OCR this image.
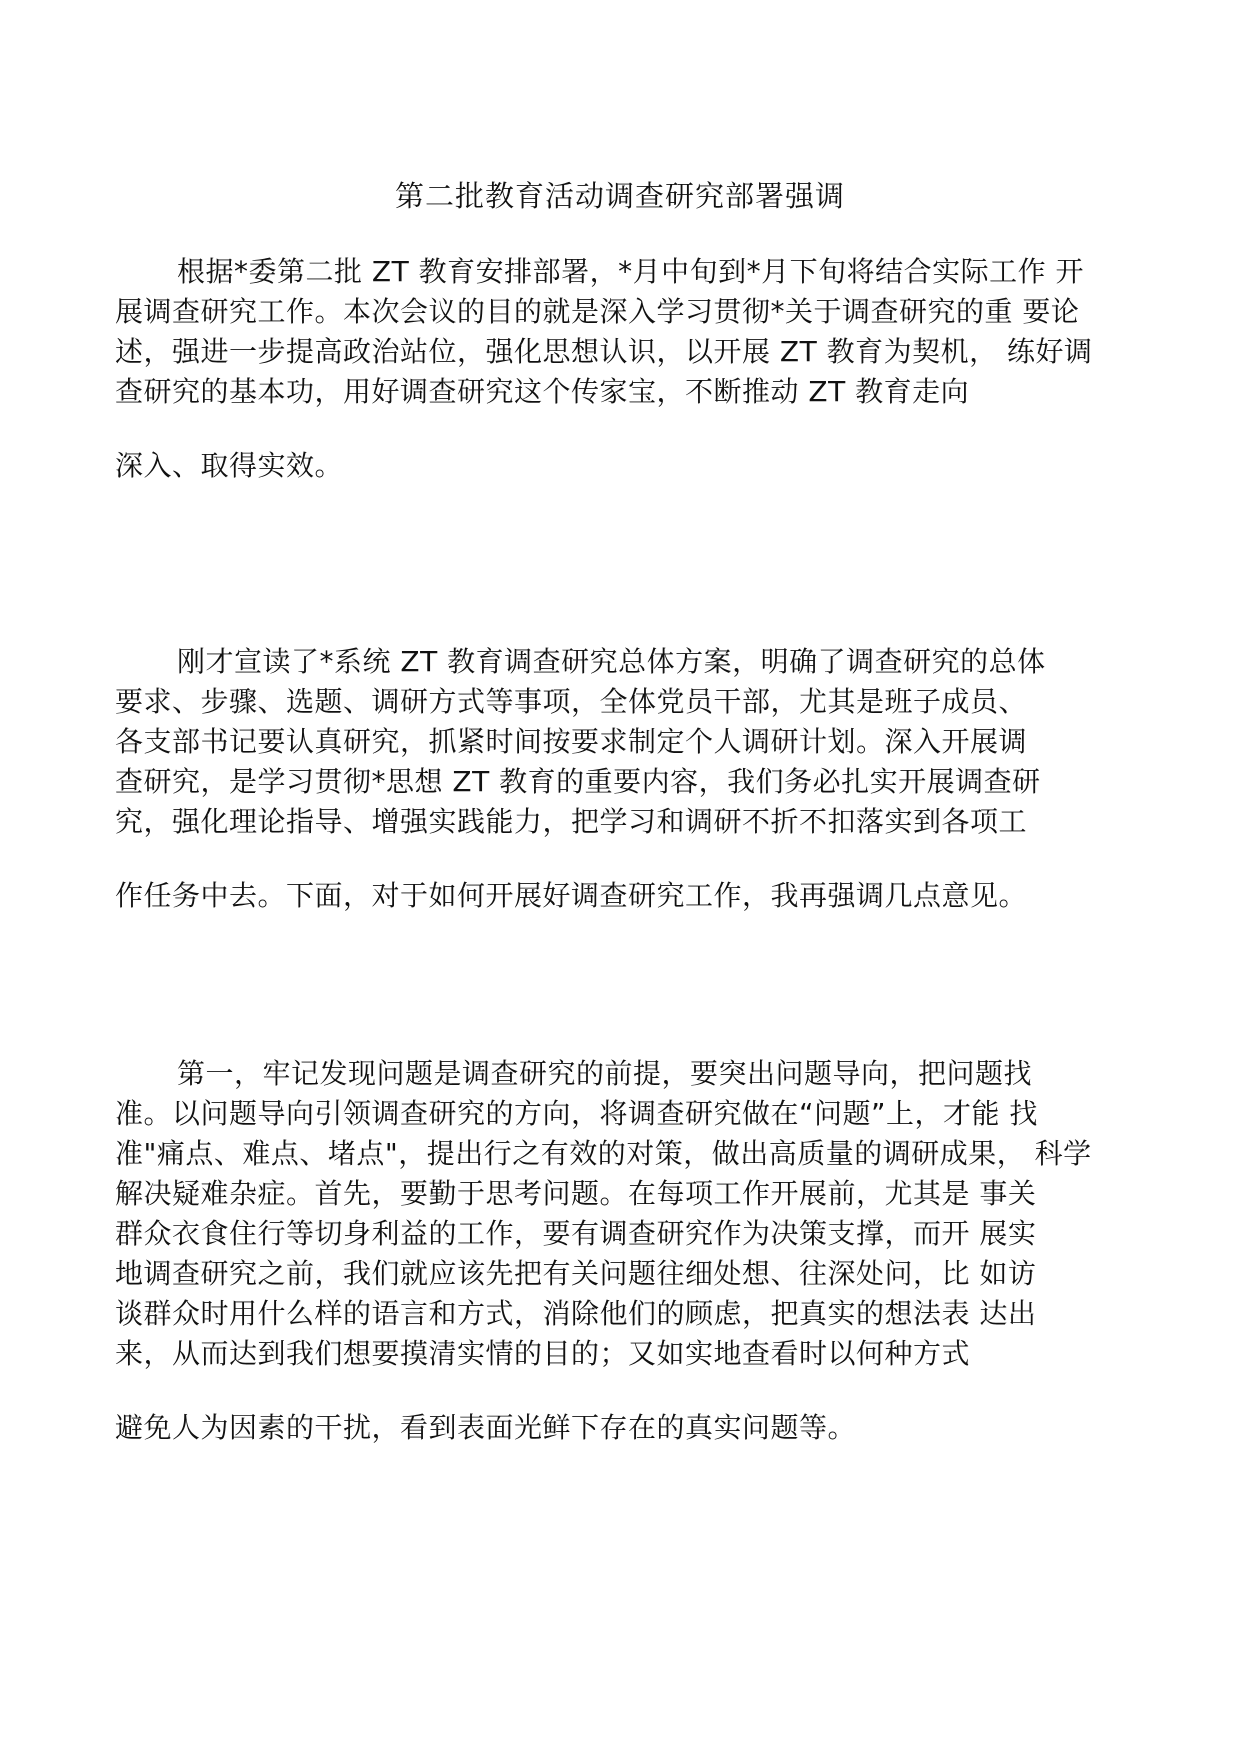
第二批教育活动调查研究部署强调
根据*委第二批 ZT 教育安排部署，*月中旬到*月下旬将结合实际工作 开
展调查研究工作。本次会议的目的就是深入学习贯彻*关于调查研究的重 要论
述，强进一步提高政治站位，强化思想认识，以开展 ZT 教育为契机， 练好调
查研究的基本功，用好调查研究这个传家宝，不断推动 ZT 教育走向
深入、取得实效。
刚才宣读了*系统 ZT 教育调查研究总体方案，明确了调查研究的总体
要求、步骤、选题、调研方式等事项，全体党员干部，尤其是班子成员、
各支部书记要认真研究，抓紧时间按要求制定个人调研计划。深入开展调
查研究，是学习贯彻*思想 ZT 教育的重要内容，我们务必扎实开展调查研
究，强化理论指导、增强实践能力，把学习和调研不折不扣落实到各项工
作任务中去。下面，对于如何开展好调查研究工作，我再强调几点意见。
第一，牢记发现问题是调查研究的前提，要突出问题导向，把问题找
准。以问题导向引领调查研究的方向，将调查研究做在“问题”上，才能 找
准"痛点、难点、堵点"，提出行之有效的对策，做出高质量的调研成果， 科学
解决疑难杂症。首先，要勤于思考问题。在每项工作开展前，尤其是 事关
群众衣食住行等切身利益的工作，要有调查研究作为决策支撑，而开 展实
地调查研究之前，我们就应该先把有关问题往细处想、往深处问，比 如访
谈群众时用什么样的语言和方式，消除他们的顾虑，把真实的想法表 达出
来，从而达到我们想要摸清实情的目的；又如实地查看时以何种方式
避免人为因素的干扰，看到表面光鲜下存在的真实问题等。
